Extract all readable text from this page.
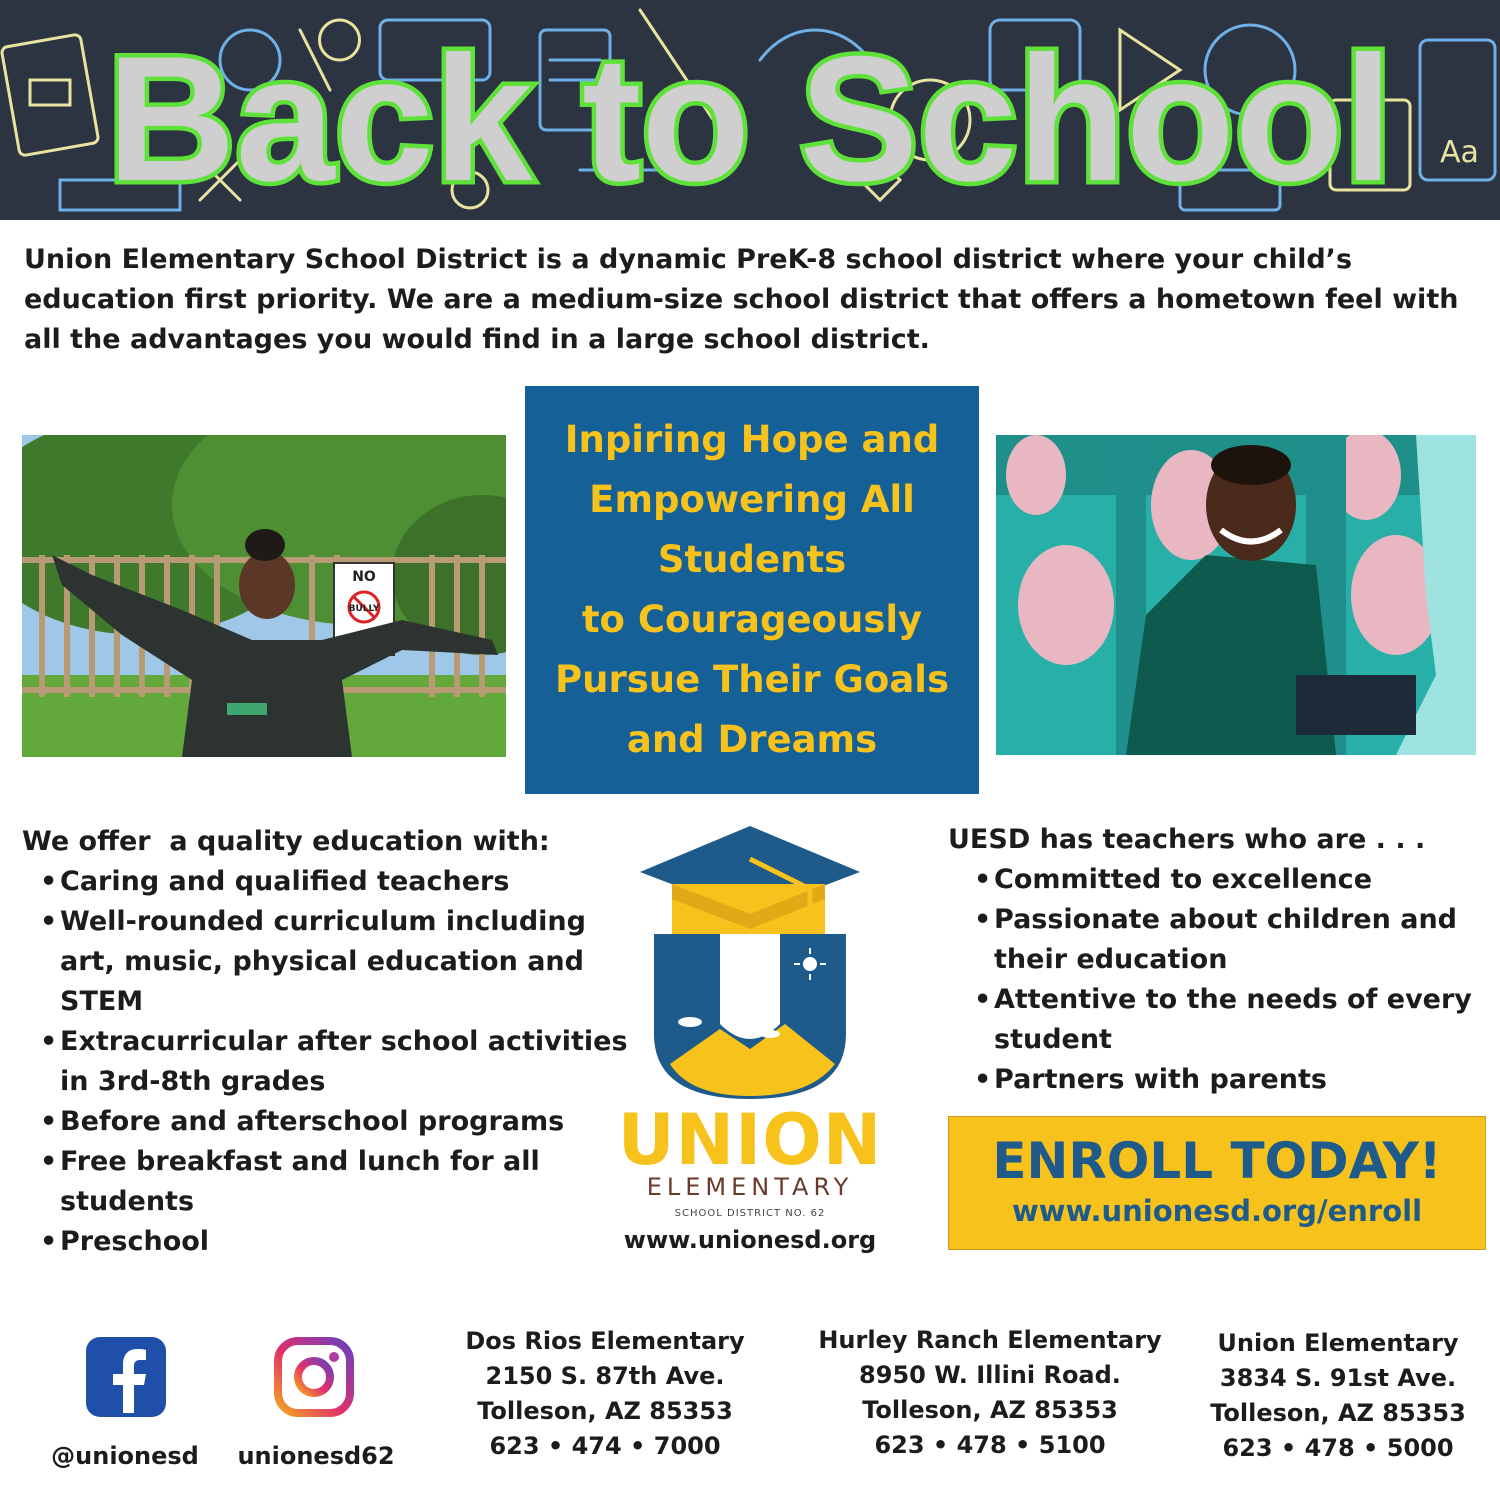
Aa
Back to School
Union Elementary School District is a dynamic PreK-8 school district where your child’s education first priority. We are a medium-size school district that offers a hometown feel with all the advantages you would find in a large school district.
NO
BULLY
Inpiring Hope and
Empowering All
Students
to Courageously
Pursue Their Goals
and Dreams
We offer  a quality education with:
• Caring and qualified teachers
• Well-rounded curriculum including art, music, physical education and STEM
• Extracurricular after school activities in 3rd-8th grades
• Before and afterschool programs
• Free breakfast and lunch for all students
• Preschool
UNION
ELEMENTARY
SCHOOL DISTRICT NO. 62
www.unionesd.org
UESD has teachers who are . . .
• Committed to excellence
• Passionate about children and their education
• Attentive to the needs of every student
• Partners with parents
ENROLL TODAY!
www.unionesd.org/enroll
@unionesd	unionesd62
Dos Rios Elementary
2150 S. 87th Ave.
Tolleson, AZ 85353
623 • 474 • 7000
Hurley Ranch Elementary
8950 W. Illini Road.
Tolleson, AZ 85353
623 • 478 • 5100
Union Elementary
3834 S. 91st Ave.
Tolleson, AZ 85353
623 • 478 • 5000
